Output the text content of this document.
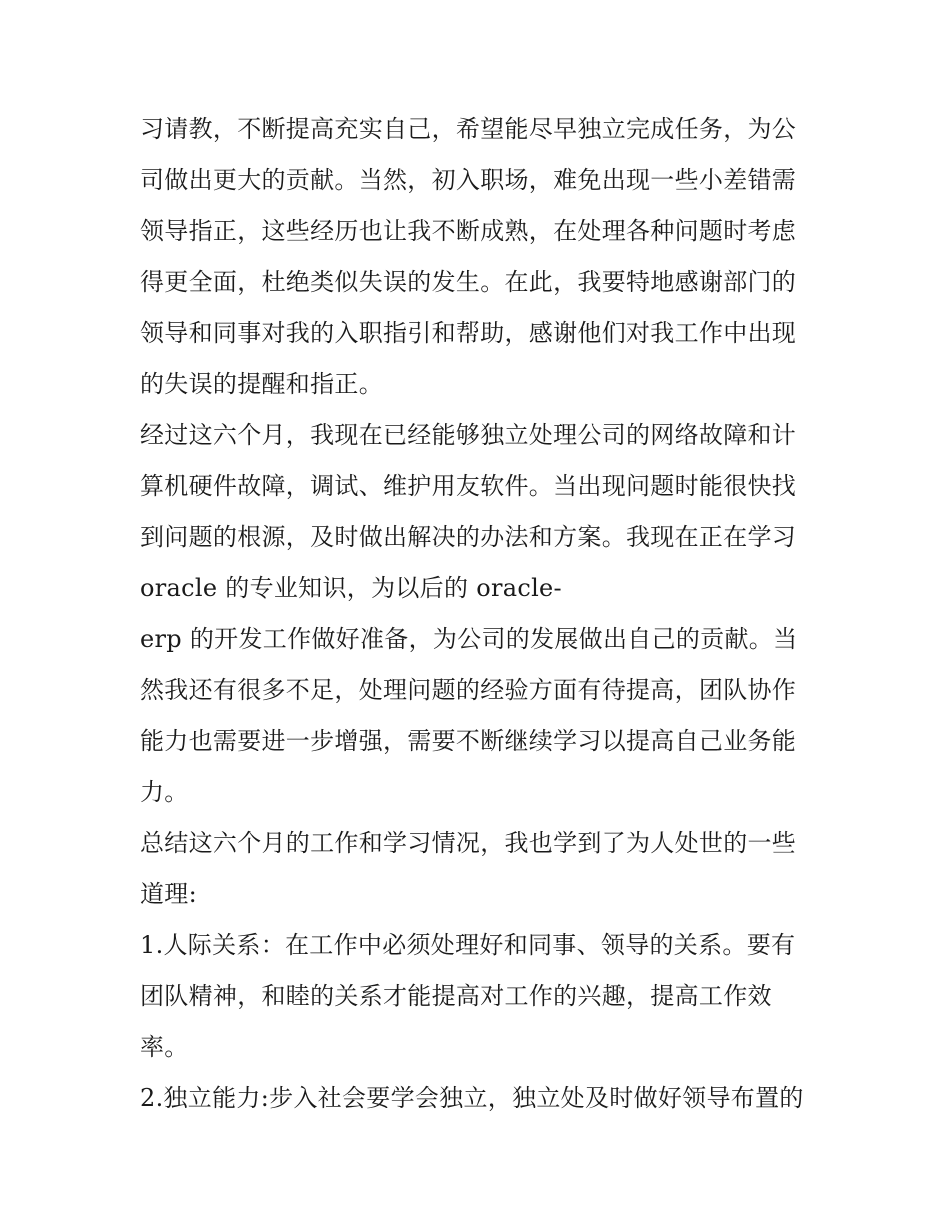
习请教，不断提高充实自己，希望能尽早独立完成任务，为公
司做出更大的贡献。当然，初入职场，难免出现一些小差错需
领导指正，这些经历也让我不断成熟，在处理各种问题时考虑
得更全面，杜绝类似失误的发生。在此，我要特地感谢部门的
领导和同事对我的入职指引和帮助，感谢他们对我工作中出现
的失误的提醒和指正。
经过这六个月，我现在已经能够独立处理公司的网络故障和计
算机硬件故障，调试、维护用友软件。当出现问题时能很快找
到问题的根源，及时做出解决的办法和方案。我现在正在学习
oracle 的专业知识，为以后的 oracle-
erp 的开发工作做好准备，为公司的发展做出自己的贡献。当
然我还有很多不足，处理问题的经验方面有待提高，团队协作
能力也需要进一步增强，需要不断继续学习以提高自己业务能
力。
总结这六个月的工作和学习情况，我也学到了为人处世的一些
道理:
1.人际关系：在工作中必须处理好和同事、领导的关系。要有
团队精神，和睦的关系才能提高对工作的兴趣，提高工作效
率。
2.独立能力:步入社会要学会独立，独立处及时做好领导布置的
